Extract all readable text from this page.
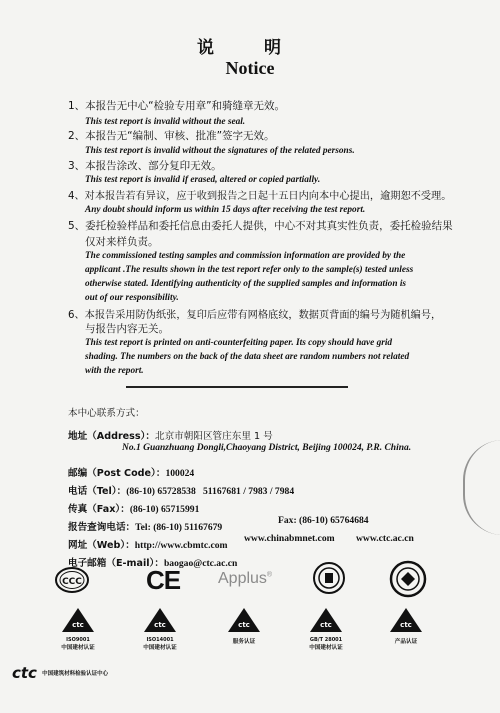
说 明
Notice
1、本报告无中心“检验专用章”和骑缝章无效。
This test report is invalid without the seal.
2、本报告无“编制、审核、批准”签字无效。
This test report is invalid without the signatures of the related persons.
3、本报告涂改、部分复印无效。
This test report is invalid if erased, altered or copied partially.
4、对本报告若有异议，应于收到报告之日起十五日内向本中心提出，逾期恕不受理。
Any doubt should inform us within 15 days after receiving the test report.
5、委托检验样品和委托信息由委托人提供，中心不对其真实性负责，委托检验结果
仅对来样负责。
The commissioned testing samples and commission information are provided by the
applicant .The results shown in the test report refer only to the sample(s) tested unless
otherwise stated. Identifying authenticity of the supplied samples and information is
out of our responsibility.
6、本报告采用防伪纸张，复印后应带有网格底纹，数据页背面的编号为随机编号，
与报告内容无关。
This test report is printed on anti-counterfeiting paper. Its copy should have grid
shading. The numbers on the back of the data sheet are random numbers not related
with the report.
本中心联系方式：
地址（Address）：北京市朝阳区管庄东里 1 号
No.1 Guanzhuang Dongli,Chaoyang District, Beijing 100024, P.R. China.
邮编（Post Code）：100024
电话（Tel）：(86-10) 65728538   51167681 / 7983 / 7984
传真（Fax）：(86-10) 65715991
报告查询电话：Tel: (86-10) 51167679
Fax: (86-10) 65764684
网址（Web）：http://www.cbmtc.com
www.chinabmnet.com www.ctc.ac.cn
电子邮箱（E-mail）：baogao@ctc.ac.cn
CCC CE Applus®
ctc
ISO9001
中国建材认证
ctc
ISO14001
中国建材认证
ctc
服务认证
ctc
GB/T 28001
中国建材认证
ctc
产品认证
ctc 中国建筑材料检验认证中心
